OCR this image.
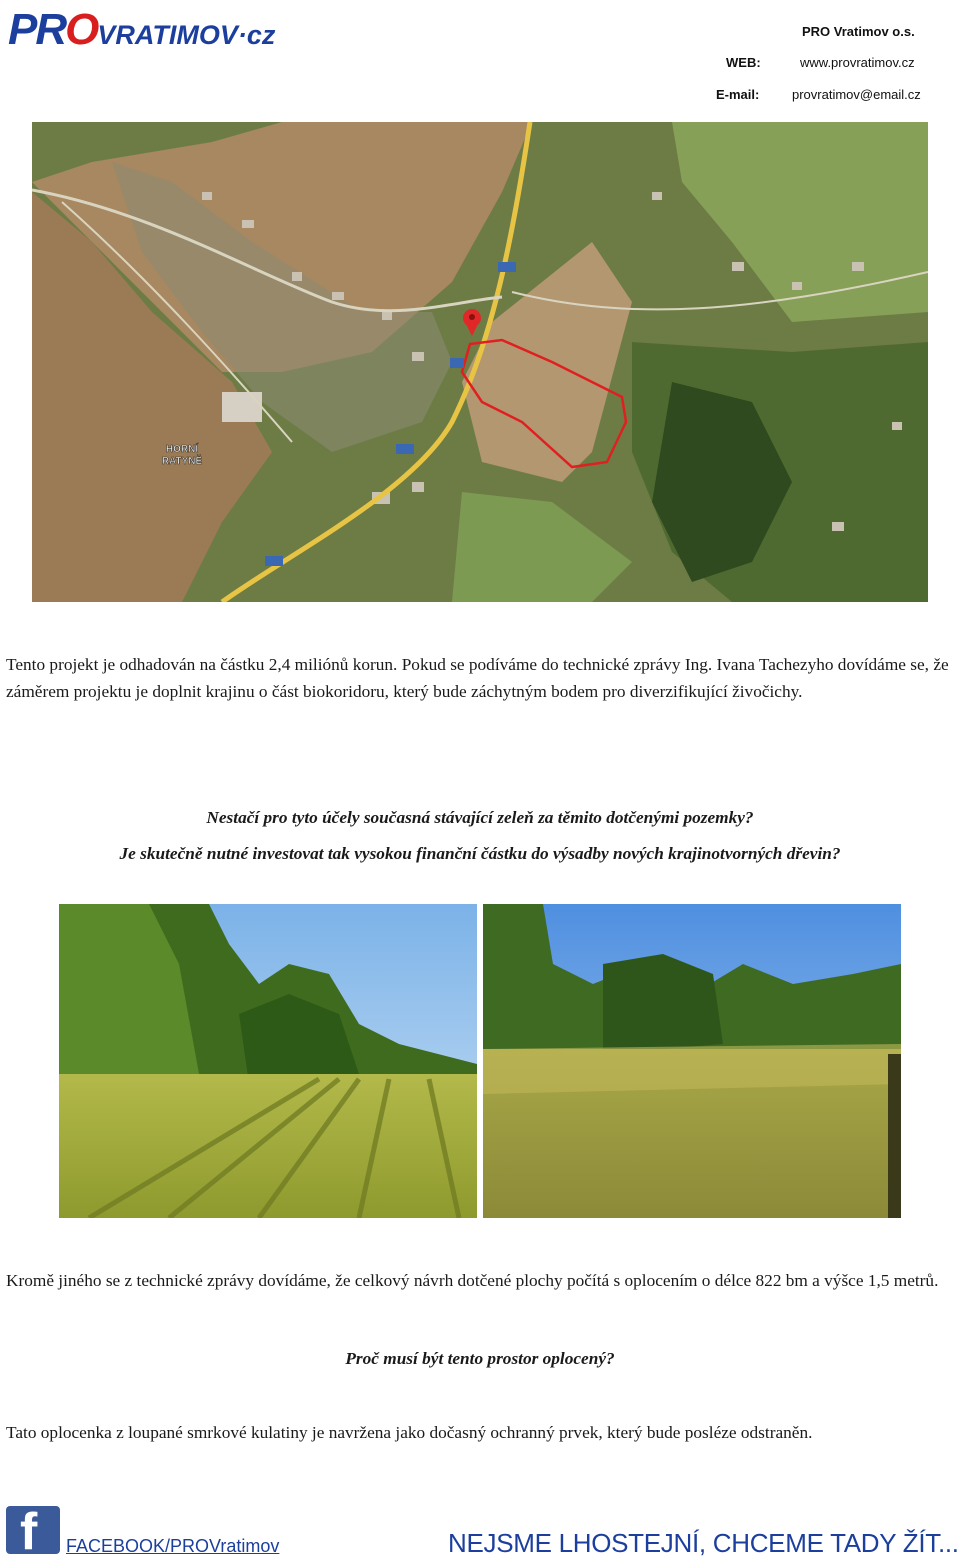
PROVRATIMOV·cz	PRO Vratimov o.s.
WEB:	www.provratimov.cz
E-mail:	provratimov@email.cz
HORNÍ
RATYNĚ
Tento projekt je odhadován na částku 2,4 miliónů korun. Pokud se podíváme do technické zprávy Ing. Ivana Tachezyho dovídáme se, že záměrem projektu je doplnit krajinu o část biokoridoru, který bude záchytným bodem pro diverzifikující živočichy.
Nestačí pro tyto účely současná stávající zeleň za těmito dotčenými pozemky?
Je skutečně nutné investovat tak vysokou finanční částku do výsadby nových krajinotvorných dřevin?
Kromě jiného se z technické zprávy dovídáme, že celkový návrh dotčené plochy počítá s oplocením o délce 822 bm a výšce 1,5 metrů.
Proč musí být tento prostor oplocený?
Tato oplocenka z loupané smrkové kulatiny je navržena jako dočasný ochranný prvek, který bude posléze odstraněn.
f FACEBOOK/PROVratimov	NEJSME LHOSTEJNÍ, CHCEME TADY ŽÍT...
